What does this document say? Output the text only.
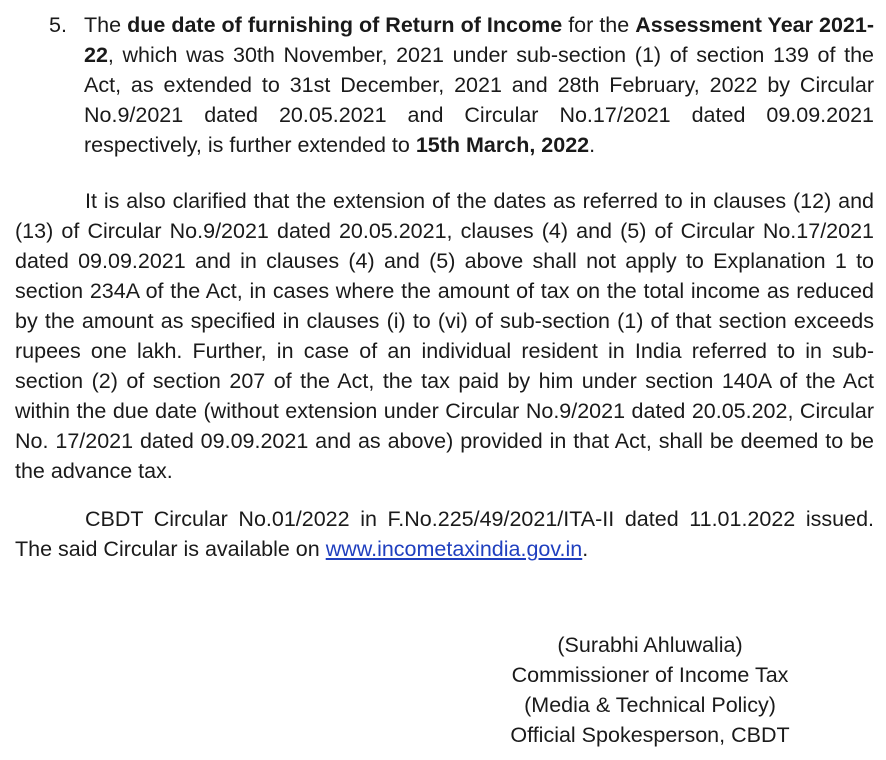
5. The due date of furnishing of Return of Income for the Assessment Year 2021-22, which was 30th November, 2021 under sub-section (1) of section 139 of the Act, as extended to 31st December, 2021 and 28th February, 2022 by Circular No.9/2021 dated 20.05.2021 and Circular No.17/2021 dated 09.09.2021 respectively, is further extended to 15th March, 2022.
It is also clarified that the extension of the dates as referred to in clauses (12) and (13) of Circular No.9/2021 dated 20.05.2021, clauses (4) and (5) of Circular No.17/2021 dated 09.09.2021 and in clauses (4) and (5) above shall not apply to Explanation 1 to section 234A of the Act, in cases where the amount of tax on the total income as reduced by the amount as specified in clauses (i) to (vi) of sub-section (1) of that section exceeds rupees one lakh. Further, in case of an individual resident in India referred to in sub-section (2) of section 207 of the Act, the tax paid by him under section 140A of the Act within the due date (without extension under Circular No.9/2021 dated 20.05.202, Circular No. 17/2021 dated 09.09.2021 and as above) provided in that Act, shall be deemed to be the advance tax.
CBDT Circular No.01/2022 in F.No.225/49/2021/ITA-II dated 11.01.2022 issued. The said Circular is available on www.incometaxindia.gov.in.
(Surabhi Ahluwalia)
Commissioner of Income Tax
(Media & Technical Policy)
Official Spokesperson, CBDT
